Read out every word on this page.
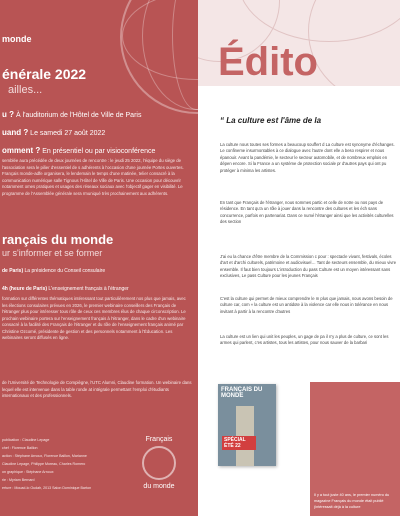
monde
énérale 2022
ailles...
u ? À l'auditorium de l'Hôtel de Ville de Paris
uand ? Le samedi 27 août 2022
omment ? En présentiel ou par visioconférence
semblée aura précédée de deux journées de rencontre : le jeudi 25 2022, l'équipe du siège de l'association sera le pilier d'essentiel de s adhérents à l'occasion d'une journée Portes ouvertes. Français monde-adfe organisera, le lendemain le temps d'une matinée, telier consacré à la communication numérique salle Tignous l'Hôtel de Ville de Paris. Une occasion pour découvrir notamment omes pratiques et usages des réseaux sociaux avec l'objectif gager en visibilité. Le programme de l'Assemblée générale sera rmuniqué très prochainement aux adhérents.
rançais du monde
ur s'informer et se former
de Paris) La présidence du Conseil consulaire
4h (heure de Paris) L'enseignement français à l'étranger
formation sur différentes thématiques intéressant tout particulièrement nos plus que jamais, avec les élections consulaires prévues en 2026, le premier webinaire conseillers des Français de l'étranger plus pour intéresser tous rôle de ceux ces membres élus de chaque circonscription. Le prochain webinaire portera sur l'enseignement français à l'étranger, dans le cadre d'un webinaire consacré à la facilité des Français de l'étranger et du rôle de l'enseignement français animé par Christine Ozcomé, présidente de gestion et des personnels notamment à l'Éducation. Les webinaires seront diffusés en ligne.
de l'Université de Technologie de Compiègne, l'UTC Alumni, Claudine formation. Un webinaire dans lequel elle est intervenue dans la table ronde at intégrale permettant l'emploi d'étudiants internationaux et des professionnels.
publication : Claudine Lepage
chef : Florence Baillon
action : Stéphane Arnoux, Florence Baillon, Marianne
Claudine Lepage, Philippe Moreau, Charles Romero
on graphique : Stéphane Arnoux
rie : Myriam Bernard
erture : Mouad-lo Oudah, 2013 Salon Dominique Barton
Français
du monde
Édito
“ La culture est l'âme de la
La culture nous toutes ses formes a beaucoup souffert d La culture est synonyme d'échanges. Le confineme insurmontables à ce dialogue avec l'autre dont elle a beso respirer et nous épanouir. Avant la pandémie, le secteur le secteur automobile, et de nombreux emplois en dépen encore. Si la France a un système de protection sociale pr d'autres pays qui ont pu protéger à minima les artistes.
En tant que Français de l'étranger, nous sommes partic et celle de notre ou nos pays de résidence. En tant qu'a un rôle à jouer dans la rencontre des cultures et les éch sans concurrence, parfois en partenariat. Dans ce numé l'étranger ainsi que les activités culturelles des section
J'ai eu la chance d'être membre de la Commission c pour : spectacle vivant, festivals, écoles d'art et d'archi culturels, patrimoine et audiovisuel… Tant de secteurs ensemble, du mieux vivre ensemble. Il faut bien toujours L'introduction du pass Culture est un moyen intéressant sans exclusives, Le pass Culture pour les jeunes Français
C'est la culture qui permet de mieux comprendre le m plus que jamais, nous avons besoin de culture car, com « la culture est un antidote à la violence car elle nous in tolérance en nous invitant à partir à la rencontre d'autres
La culture est un lien qui unit les peuples, un gage de pa il n'y a plus de culture, ce sont les armes qui parlent, c'es artistes, tous les artistes, pour nous sauver de la barbari
FRANÇAIS DU MONDE
SPÉCIAL ÉTÉ 22
Il y a tout juste 40 ans, le premier numéro du magazine Français du monde était publié (intéressait déjà à la culture
